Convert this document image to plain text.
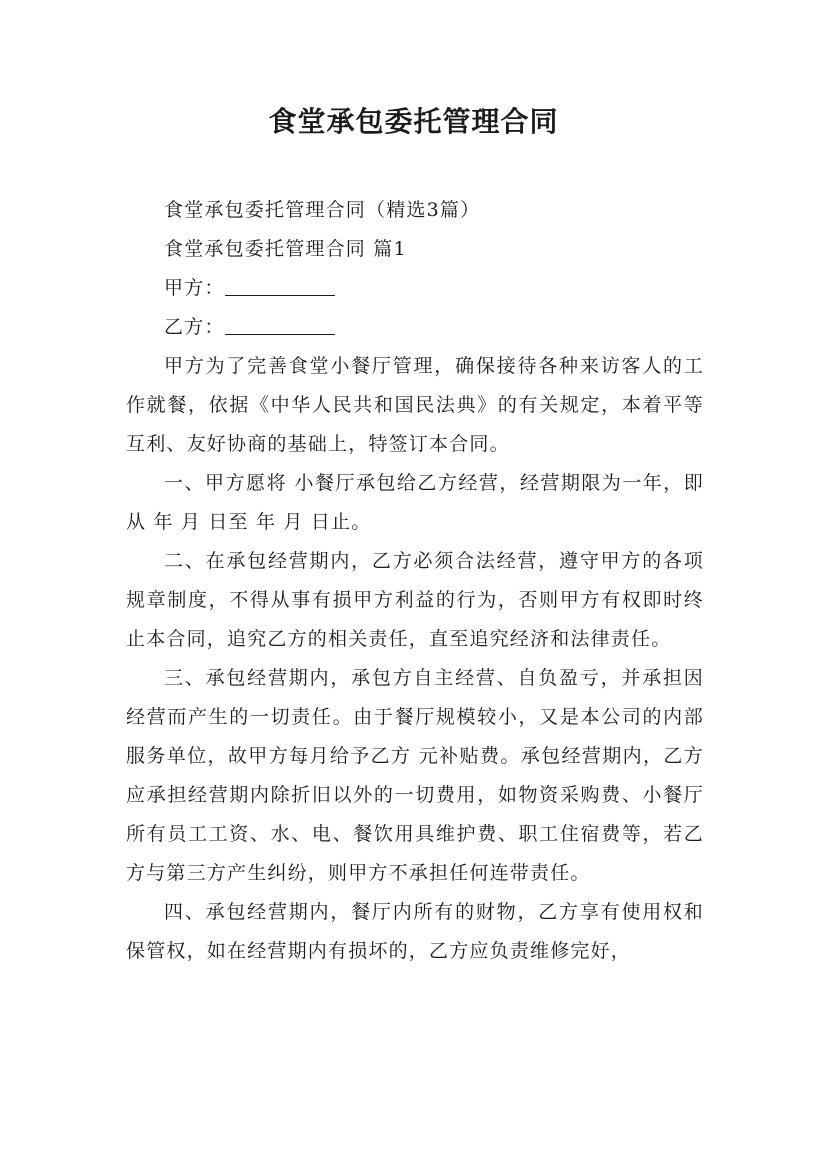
食堂承包委托管理合同

食堂承包委托管理合同（精选3篇）

食堂承包委托管理合同 篇1

甲方：

乙方：

甲方为了完善食堂小餐厅管理，确保接待各种来访客人的工作就餐，依据《中华人民共和国民法典》的有关规定，本着平等互利、友好协商的基础上，特签订本合同。

一、甲方愿将 小餐厅承包给乙方经营，经营期限为一年，即从 年 月 日至 年 月 日止。

二、在承包经营期内，乙方必须合法经营，遵守甲方的各项规章制度，不得从事有损甲方利益的行为，否则甲方有权即时终止本合同，追究乙方的相关责任，直至追究经济和法律责任。

三、承包经营期内，承包方自主经营、自负盈亏，并承担因经营而产生的一切责任。由于餐厅规模较小，又是本公司的内部服务单位，故甲方每月给予乙方 元补贴费。承包经营期内，乙方应承担经营期内除折旧以外的一切费用，如物资采购费、小餐厅所有员工工资、水、电、餐饮用具维护费、职工住宿费等，若乙方与第三方产生纠纷，则甲方不承担任何连带责任。

四、承包经营期内，餐厅内所有的财物，乙方享有使用权和保管权，如在经营期内有损坏的，乙方应负责维修完好，
